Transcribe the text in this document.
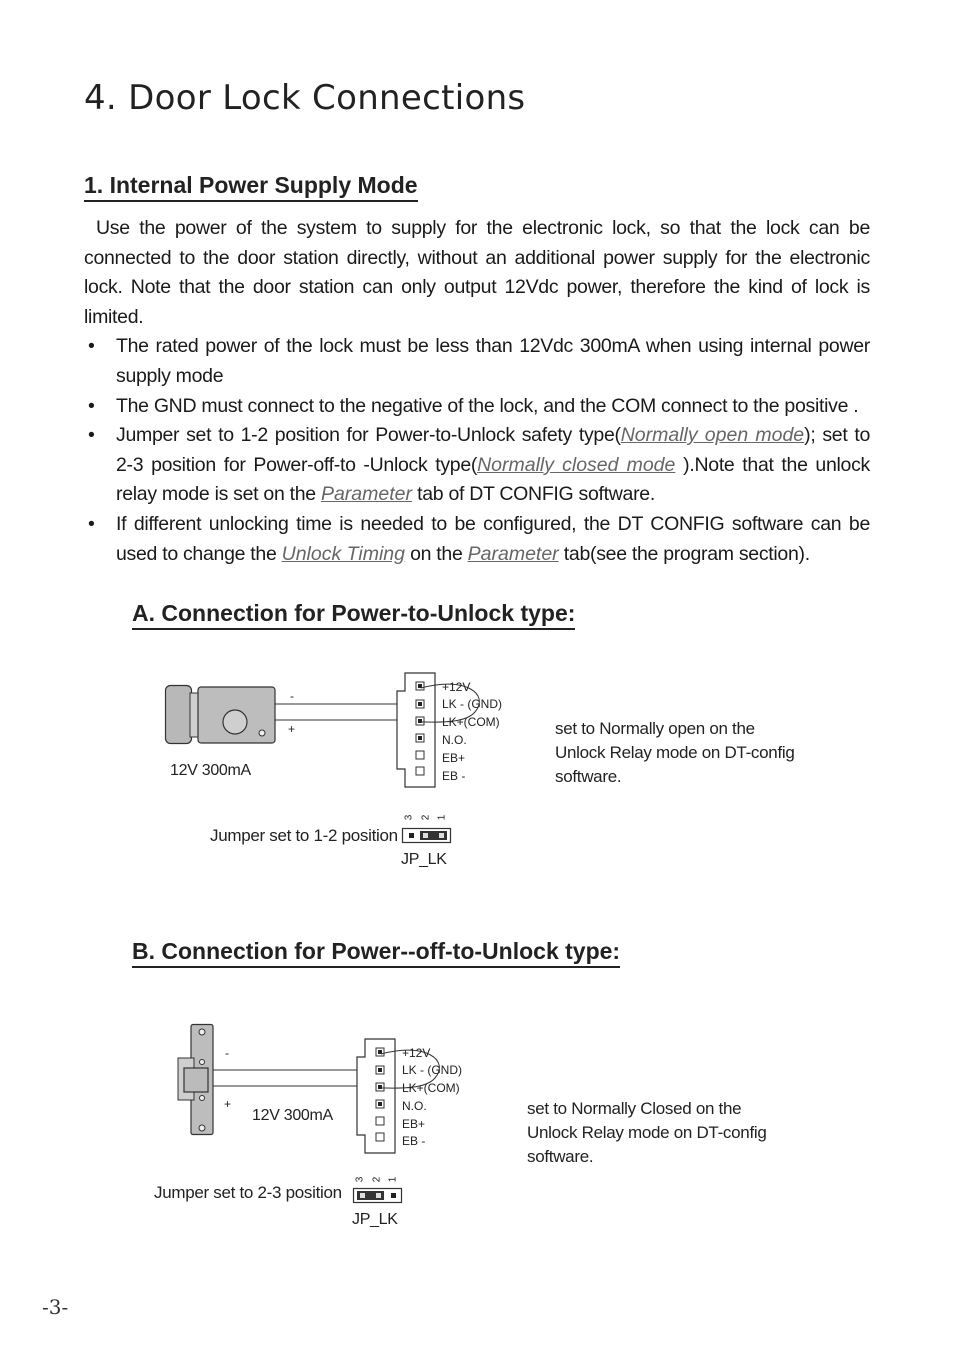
4. Door Lock Connections
1. Internal Power Supply Mode

Use the power of the system to supply for the electronic lock, so that the lock can be connected to the door station directly, without an additional power supply for the electronic lock. Note that the door station can only output 12Vdc power, therefore the kind of lock is limited.

• The rated power of the lock must be less than 12Vdc 300mA when using internal power supply mode
• The GND must connect to the negative of the lock, and the COM connect to the positive .
• Jumper set to 1-2 position for Power-to-Unlock safety type(Normally open mode); set to 2-3 position for Power-off-to -Unlock type(Normally closed mode ).Note that the unlock relay mode is set on the Parameter tab of DT CONFIG software.
• If different unlocking time is needed to be configured, the DT CONFIG software can be used to change the Unlock Timing on the Parameter tab(see the program section).
A. Connection for Power-to-Unlock type:
-
+
12V 300mA
+12V
LK - (GND)
LK+(COM)
N.O.
EB+
EB -
set to Normally open on the
Unlock Relay mode on DT-config
software.
Jumper set to 1-2 position
3 2 1
JP_LK
B. Connection for Power--off-to-Unlock type:
-
+
12V 300mA
+12V
LK - (GND)
LK+(COM)
N.O.
EB+
EB -
set to Normally Closed on the
Unlock Relay mode on DT-config
software.
Jumper set to 2-3 position
3 2 1
JP_LK
-3-
